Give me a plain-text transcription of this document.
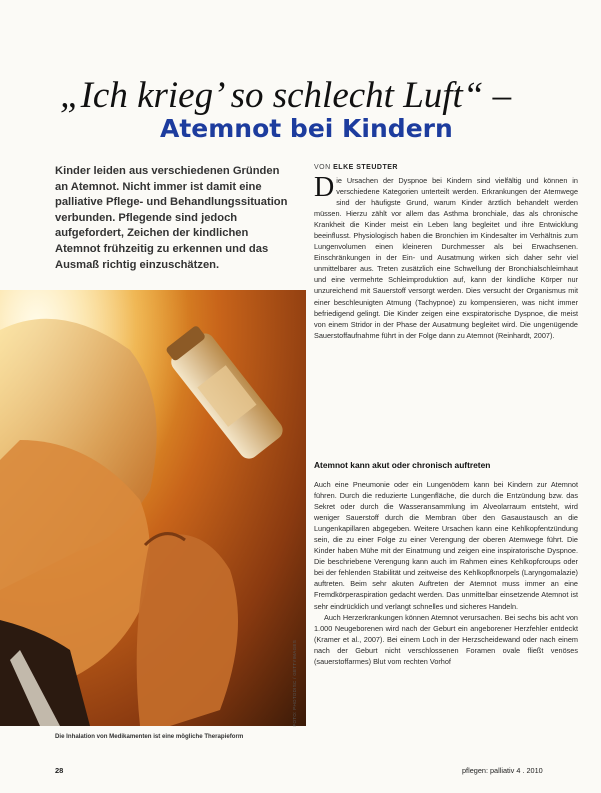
„Ich krieg’ so schlecht Luft“ –
Atemnot bei Kindern
Kinder leiden aus verschiedenen Gründen an Atemnot. Nicht immer ist damit eine palliative Pflege- und Behandlungssituation verbunden. Pflegende sind jedoch aufgefordert, Zeichen der kindlichen Atemnot frühzeitig zu erkennen und das Ausmaß richtig einzuschätzen.
VON ELKE STEUDTER

Die Ursachen der Dyspnoe bei Kindern sind vielfältig und können in verschiedene Kategorien unterteilt werden. Erkrankungen der Atemwege sind der häufigste Grund, warum Kinder ärztlich behandelt werden müssen. Hierzu zählt vor allem das Asthma bronchiale, das als chronische Krankheit die Kinder meist ein Leben lang begleitet und ihre Entwicklung beeinflusst. Physiologisch haben die Bronchien im Kindesalter im Verhältnis zum Lungenvolumen einen kleineren Durchmesser als bei Erwachsenen. Einschränkungen in der Ein- und Ausatmung wirken sich daher sehr viel unmittelbarer aus. Treten zusätzlich eine Schwellung der Bronchialschleimhaut und eine vermehrte Schleimproduktion auf, kann der kindliche Körper nur unzureichend mit Sauerstoff versorgt werden. Dies versucht der Organismus mit einer beschleunigten Atmung (Tachypnoe) zu kompensieren, was nicht immer befriedigend gelingt. Die Kinder zeigen eine exspiratorische Dyspnoe, die meist von einem Stridor in der Phase der Ausatmung begleitet wird. Die ungenügende Sauerstoffaufnahme führt in der Folge dann zu Atemnot (Reinhardt, 2007).

Atemnot kann akut oder chronisch auftreten

Auch eine Pneumonie oder ein Lungenödem kann bei Kindern zur Atemnot führen. Durch die reduzierte Lungenfläche, die durch die Entzündung bzw. das Sekret oder durch die Wasseransammlung im Alveolarraum entsteht, wird weniger Sauerstoff durch die Membran über den Gasaustausch an die Lungenkapillaren abgegeben. Weitere Ursachen kann eine Kehlkopfentzündung sein, die zu einer Folge zu einer Verengung der oberen Atemwege führt. Die Kinder haben Mühe mit der Einatmung und zeigen eine inspiratorische Dyspnoe. Die beschriebene Verengung kann auch im Rahmen eines Kehlkopfcroups oder bei der fehlenden Stabilität und zeitweise des Kehlkopfknorpels (Laryngomalazie) auftreten. Beim sehr akuten Auftreten der Atemnot muss immer an eine Fremdkörperaspiration gedacht werden. Das unmittelbar einsetzende Atemnot ist sehr eindrücklich und verlangt schnelles und sicheres Handeln.

Auch Herzerkrankungen können Atemnot verursachen. Bei sechs bis acht von 1.000 Neugeborenen wird nach der Geburt ein angeborener Herzfehler entdeckt (Kramer et al., 2007). Bei einem Loch in der Herzscheidewand oder nach einem nach der Geburt nicht verschlossenen Foramen ovale fließt venöses (sauerstoffarmes) Blut vom rechten Vorhof

FOTO: PHOTODISC / GETTYIMAGES
Die Inhalation von Medikamenten ist eine mögliche Therapieform
28	pflegen: palliativ 4 . 2010
